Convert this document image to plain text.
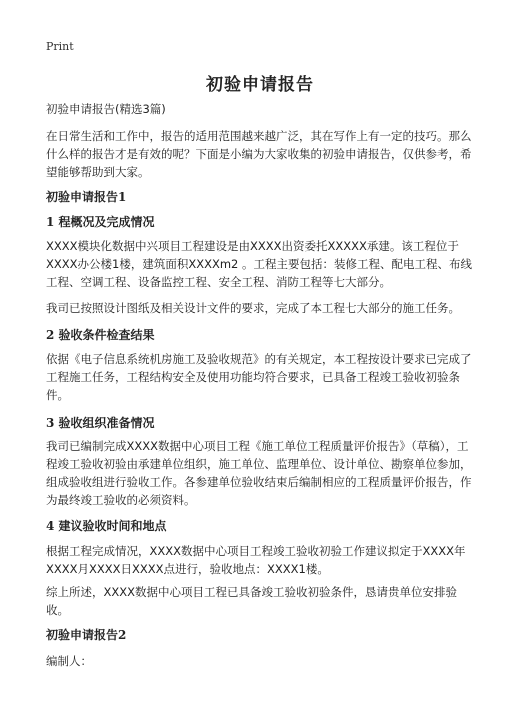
Print
初验申请报告
初验申请报告(精选3篇)
在日常生活和工作中，报告的适用范围越来越广泛，其在写作上有一定的技巧。那么什么样的报告才是有效的呢？下面是小编为大家收集的初验申请报告，仅供参考，希望能够帮助到大家。
初验申请报告1
1 程概况及完成情况
XXXX模块化数据中兴项目工程建设是由XXXX出资委托XXXXX承建。该工程位于XXXX办公楼1楼，建筑面积XXXXm2 。工程主要包括：装修工程、配电工程、布线工程、空调工程、设备监控工程、安全工程、消防工程等七大部分。
我司已按照设计图纸及相关设计文件的要求，完成了本工程七大部分的施工任务。
2 验收条件检查结果
依据《电子信息系统机房施工及验收规范》的有关规定，本工程按设计要求已完成了工程施工任务，工程结构安全及使用功能均符合要求，已具备工程竣工验收初验条件。
3 验收组织准备情况
我司已编制完成XXXX数据中心项目工程《施工单位工程质量评价报告》（草稿），工程竣工验收初验由承建单位组织，施工单位、监理单位、设计单位、勘察单位参加，组成验收组进行验收工作。各参建单位验收结束后编制相应的工程质量评价报告，作为最终竣工验收的必须资料。
4 建议验收时间和地点
根据工程完成情况，XXXX数据中心项目工程竣工验收初验工作建议拟定于XXXX年XXXX月XXXX日XXXX点进行，验收地点：XXXX1楼。
综上所述，XXXX数据中心项目工程已具备竣工验收初验条件，恳请贵单位安排验收。
初验申请报告2
编制人：
